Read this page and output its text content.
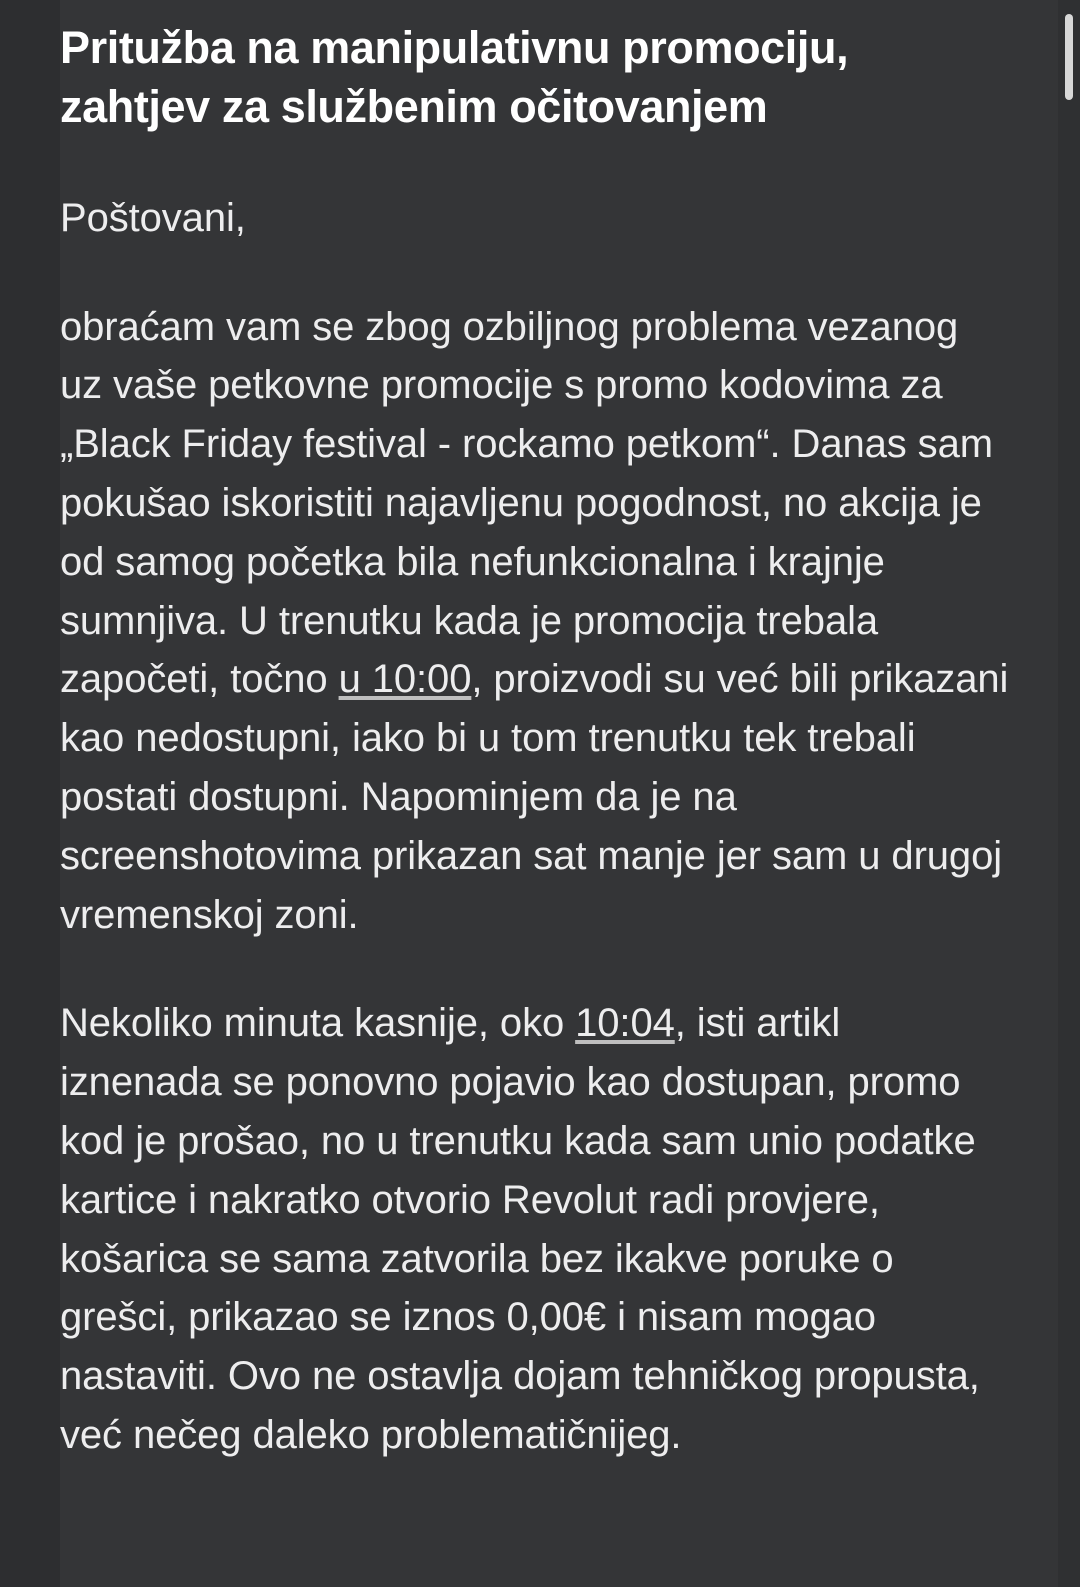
Pritužba na manipulativnu promociju, zahtjev za službenim očitovanjem

Poštovani,

obraćam vam se zbog ozbiljnog problema vezanog uz vaše petkovne promocije s promo kodovima za „Black Friday festival - rockamo petkom“. Danas sam pokušao iskoristiti najavljenu pogodnost, no akcija je od samog početka bila nefunkcionalna i krajnje sumnjiva. U trenutku kada je promocija trebala započeti, točno u 10:00, proizvodi su već bili prikazani kao nedostupni, iako bi u tom trenutku tek trebali postati dostupni. Napominjem da je na screenshotovima prikazan sat manje jer sam u drugoj vremenskoj zoni.

Nekoliko minuta kasnije, oko 10:04, isti artikl iznenada se ponovno pojavio kao dostupan, promo kod je prošao, no u trenutku kada sam unio podatke kartice i nakratko otvorio Revolut radi provjere, košarica se sama zatvorila bez ikakve poruke o grešci, prikazao se iznos 0,00€ i nisam mogao nastaviti. Ovo ne ostavlja dojam tehničkog propusta, već nečeg daleko problematičnijeg.
